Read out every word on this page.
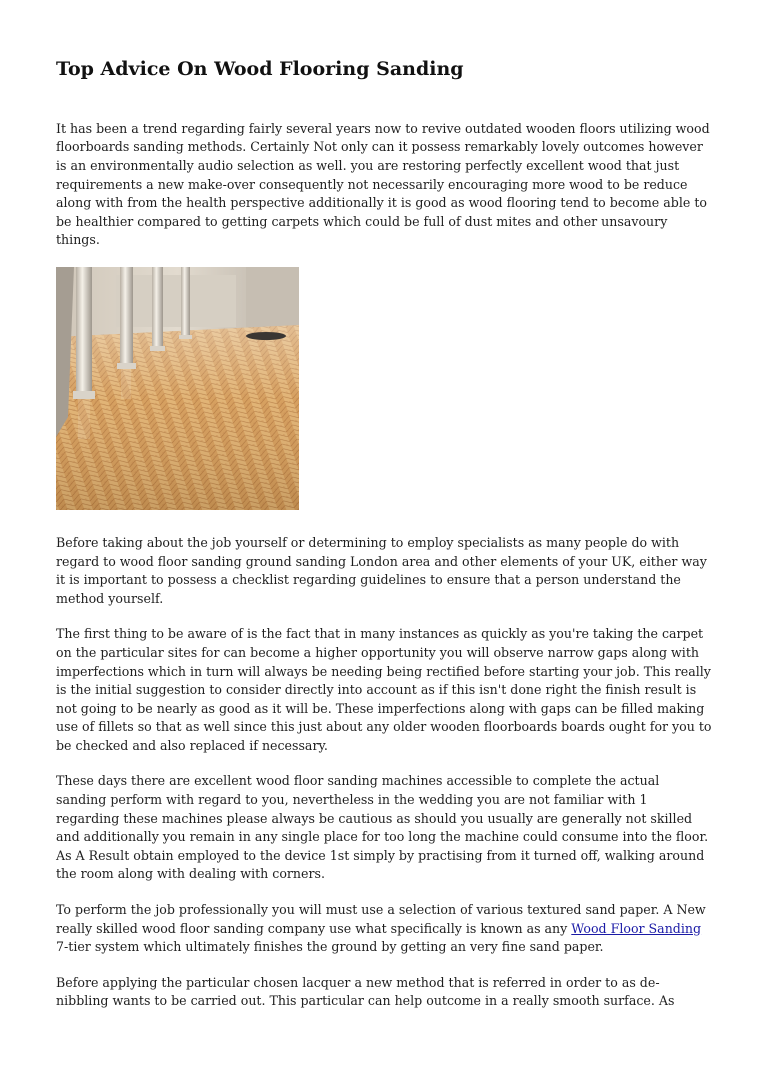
Top Advice On Wood Flooring Sanding

It has been a trend regarding fairly several years now to revive outdated wooden floors utilizing wood floorboards sanding methods. Certainly Not only can it possess remarkably lovely outcomes however is an environmentally audio selection as well. you are restoring perfectly excellent wood that just requirements a new make-over consequently not necessarily encouraging more wood to be reduce along with from the health perspective additionally it is good as wood flooring tend to become able to be healthier compared to getting carpets which could be full of dust mites and other unsavoury things.

Before taking about the job yourself or determining to employ specialists as many people do with regard to wood floor sanding ground sanding London area and other elements of your UK, either way it is important to possess a checklist regarding guidelines to ensure that a person understand the method yourself.

The first thing to be aware of is the fact that in many instances as quickly as you're taking the carpet on the particular sites for can become a higher opportunity you will observe narrow gaps along with imperfections which in turn will always be needing being rectified before starting your job. This really is the initial suggestion to consider directly into account as if this isn't done right the finish result is not going to be nearly as good as it will be. These imperfections along with gaps can be filled making use of fillets so that as well since this just about any older wooden floorboards boards ought for you to be checked and also replaced if necessary.

These days there are excellent wood floor sanding machines accessible to complete the actual sanding perform with regard to you, nevertheless in the wedding you are not familiar with 1 regarding these machines please always be cautious as should you usually are generally not skilled and additionally you remain in any single place for too long the machine could consume into the floor. As A Result obtain employed to the device 1st simply by practising from it turned off, walking around the room along with dealing with corners.

To perform the job professionally you will must use a selection of various textured sand paper. A New really skilled wood floor sanding company use what specifically is known as any Wood Floor Sanding 7-tier system which ultimately finishes the ground by getting an very fine sand paper.

Before applying the particular chosen lacquer a new method that is referred in order to as de-nibbling wants to be carried out. This particular can help outcome in a really smooth surface. As
